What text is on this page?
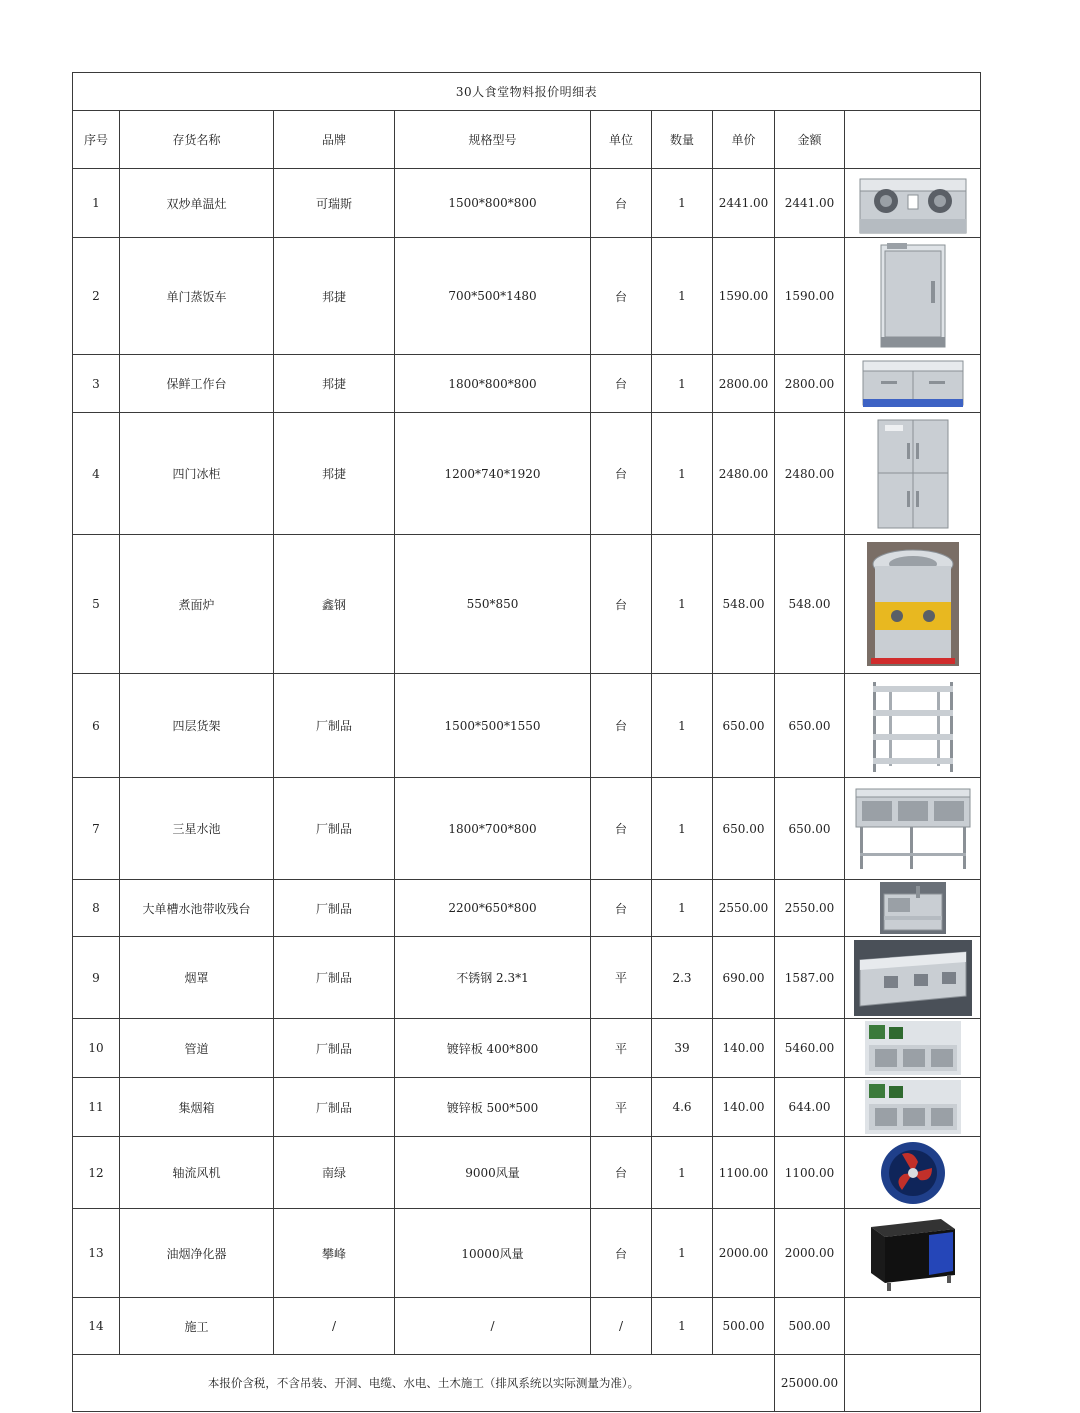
30人食堂物料报价明细表								
序号	存货名称	品牌	规格型号	单位	数量	单价	金额	
1	双炒单温灶	可瑞斯	1500*800*800	台	1	2441.00	2441.00	

2	单门蒸饭车	邦捷	700*500*1480	台	1	1590.00	1590.00	

3	保鲜工作台	邦捷	1800*800*800	台	1	2800.00	2800.00	

4	四门冰柜	邦捷	1200*740*1920	台	1	2480.00	2480.00	

5	煮面炉	鑫钢	550*850	台	1	548.00	548.00	

6	四层货架	厂制品	1500*500*1550	台	1	650.00	650.00	

7	三星水池	厂制品	1800*700*800	台	1	650.00	650.00	

8	大单槽水池带收残台	厂制品	2200*650*800	台	1	2550.00	2550.00	

9	烟罩	厂制品	不锈钢 2.3*1	平	2.3	690.00	1587.00	

10	管道	厂制品	镀锌板 400*800	平	39	140.00	5460.00	

11	集烟箱	厂制品	镀锌板 500*500	平	4.6	140.00	644.00	

12	轴流风机	南绿	9000风量	台	1	1100.00	1100.00	

13	油烟净化器	攀峰	10000风量	台	1	2000.00	2000.00	

14	施工	/	/	/	1	500.00	500.00	
本报价含税，不含吊装、开洞、电缆、水电、土木施工（排风系统以实际测量为准）。							25000.00	
